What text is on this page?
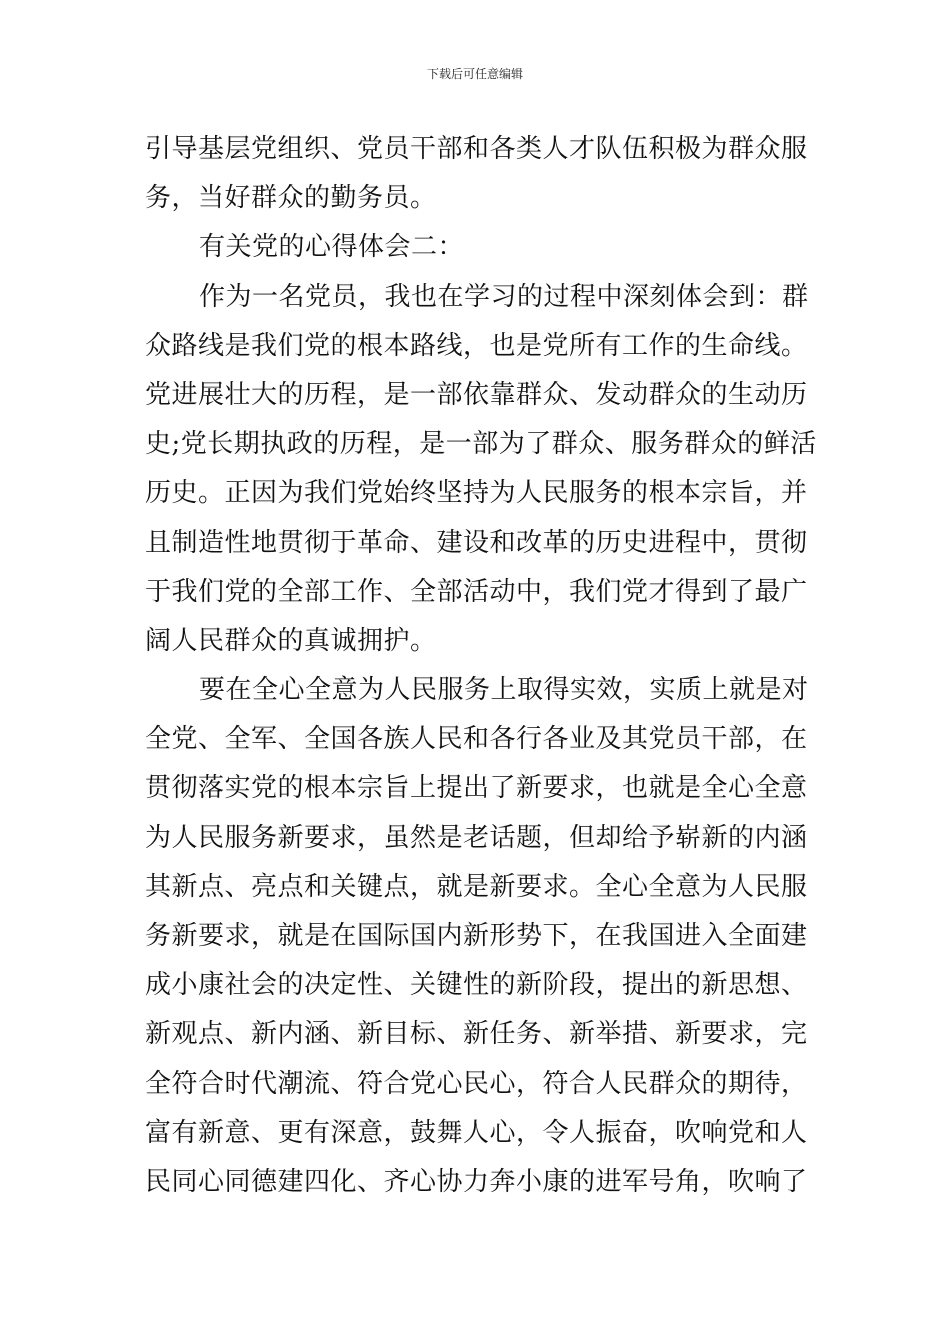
下载后可任意编辑
引导基层党组织、党员干部和各类人才队伍积极为群众服
务，当好群众的勤务员。
有关党的心得体会二：
作为一名党员，我也在学习的过程中深刻体会到：群
众路线是我们党的根本路线，也是党所有工作的生命线。
党进展壮大的历程，是一部依靠群众、发动群众的生动历
史;党长期执政的历程，是一部为了群众、服务群众的鲜活
历史。正因为我们党始终坚持为人民服务的根本宗旨，并
且制造性地贯彻于革命、建设和改革的历史进程中，贯彻
于我们党的全部工作、全部活动中，我们党才得到了最广
阔人民群众的真诚拥护。
要在全心全意为人民服务上取得实效，实质上就是对
全党、全军、全国各族人民和各行各业及其党员干部，在
贯彻落实党的根本宗旨上提出了新要求，也就是全心全意
为人民服务新要求，虽然是老话题，但却给予崭新的内涵
其新点、亮点和关键点，就是新要求。全心全意为人民服
务新要求，就是在国际国内新形势下，在我国进入全面建
成小康社会的决定性、关键性的新阶段，提出的新思想、
新观点、新内涵、新目标、新任务、新举措、新要求，完
全符合时代潮流、符合党心民心，符合人民群众的期待，
富有新意、更有深意，鼓舞人心，令人振奋，吹响党和人
民同心同德建四化、齐心协力奔小康的进军号角，吹响了
